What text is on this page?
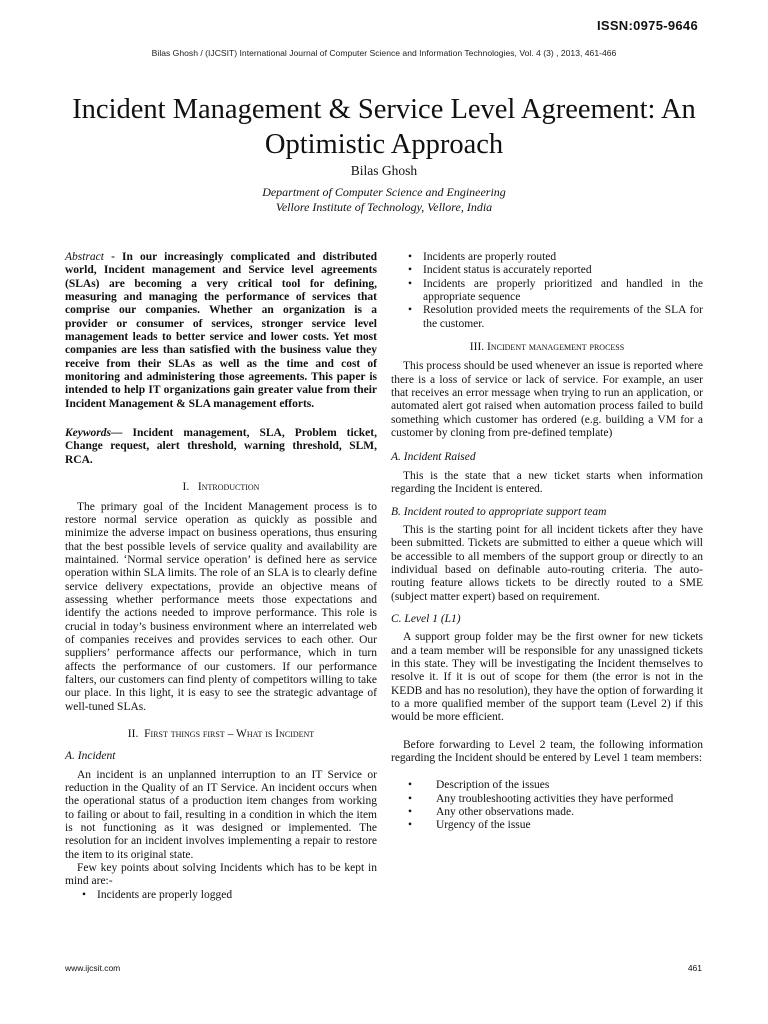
ISSN:0975-9646
Bilas Ghosh / (IJCSIT) International Journal of Computer Science and Information Technologies, Vol. 4 (3) , 2013, 461-466
Incident Management & Service Level Agreement: An Optimistic Approach
Bilas Ghosh
Department of Computer Science and Engineering
Vellore Institute of Technology, Vellore, India

Abstract - In our increasingly complicated and distributed world, Incident management and Service level agreements (SLAs) are becoming a very critical tool for defining, measuring and managing the performance of services that comprise our companies. Whether an organization is a provider or consumer of services, stronger service level management leads to better service and lower costs. Yet most companies are less than satisfied with the business value they receive from their SLAs as well as the time and cost of monitoring and administering those agreements. This paper is intended to help IT organizations gain greater value from their Incident Management & SLA management efforts.

Keywords— Incident management, SLA, Problem ticket, Change request, alert threshold, warning threshold, SLM, RCA.

I. Introduction

The primary goal of the Incident Management process is to restore normal service operation as quickly as possible and minimize the adverse impact on business operations, thus ensuring that the best possible levels of service quality and availability are maintained. ‘Normal service operation’ is defined here as service operation within SLA limits. The role of an SLA is to clearly define service delivery expectations, provide an objective means of assessing whether performance meets those expectations and identify the actions needed to improve performance. This role is crucial in today’s business environment where an interrelated web of companies receives and provides services to each other. Our suppliers’ performance affects our performance, which in turn affects the performance of our customers. If our performance falters, our customers can find plenty of competitors willing to take our place. In this light, it is easy to see the strategic advantage of well-tuned SLAs.

II. First things first – What is Incident
A. Incident

An incident is an unplanned interruption to an IT Service or reduction in the Quality of an IT Service. An incident occurs when the operational status of a production item changes from working to failing or about to fail, resulting in a condition in which the item is not functioning as it was designed or implemented. The resolution for an incident involves implementing a repair to restore the item to its original state.

Few key points about solving Incidents which has to be kept in mind are:-

• Incidents are properly logged
• Incidents are properly routed
• Incident status is accurately reported
• Incidents are properly prioritized and handled in the appropriate sequence
• Resolution provided meets the requirements of the SLA for the customer.
III. Incident management process

This process should be used whenever an issue is reported where there is a loss of service or lack of service. For example, an user that receives an error message when trying to run an application, or automated alert got raised when automation process failed to build something which customer has ordered (e.g. building a VM for a customer by cloning from pre-defined template)

A. Incident Raised

This is the state that a new ticket starts when information regarding the Incident is entered.

B. Incident routed to appropriate support team

This is the starting point for all incident tickets after they have been submitted. Tickets are submitted to either a queue which will be accessible to all members of the support group or directly to an individual based on definable auto-routing criteria. The auto-routing feature allows tickets to be directly routed to a SME (subject matter expert) based on requirement.

C. Level 1 (L1)

A support group folder may be the first owner for new tickets and a team member will be responsible for any unassigned tickets in this state. They will be investigating the Incident themselves to resolve it. If it is out of scope for them (the error is not in the KEDB and has no resolution), they have the option of forwarding it to a more qualified member of the support team (Level 2) if this would be more efficient.

Before forwarding to Level 2 team, the following information regarding the Incident should be entered by Level 1 team members:

• Description of the issues
• Any troubleshooting activities they have performed
• Any other observations made.
• Urgency of the issue
www.ijcsit.com	461
